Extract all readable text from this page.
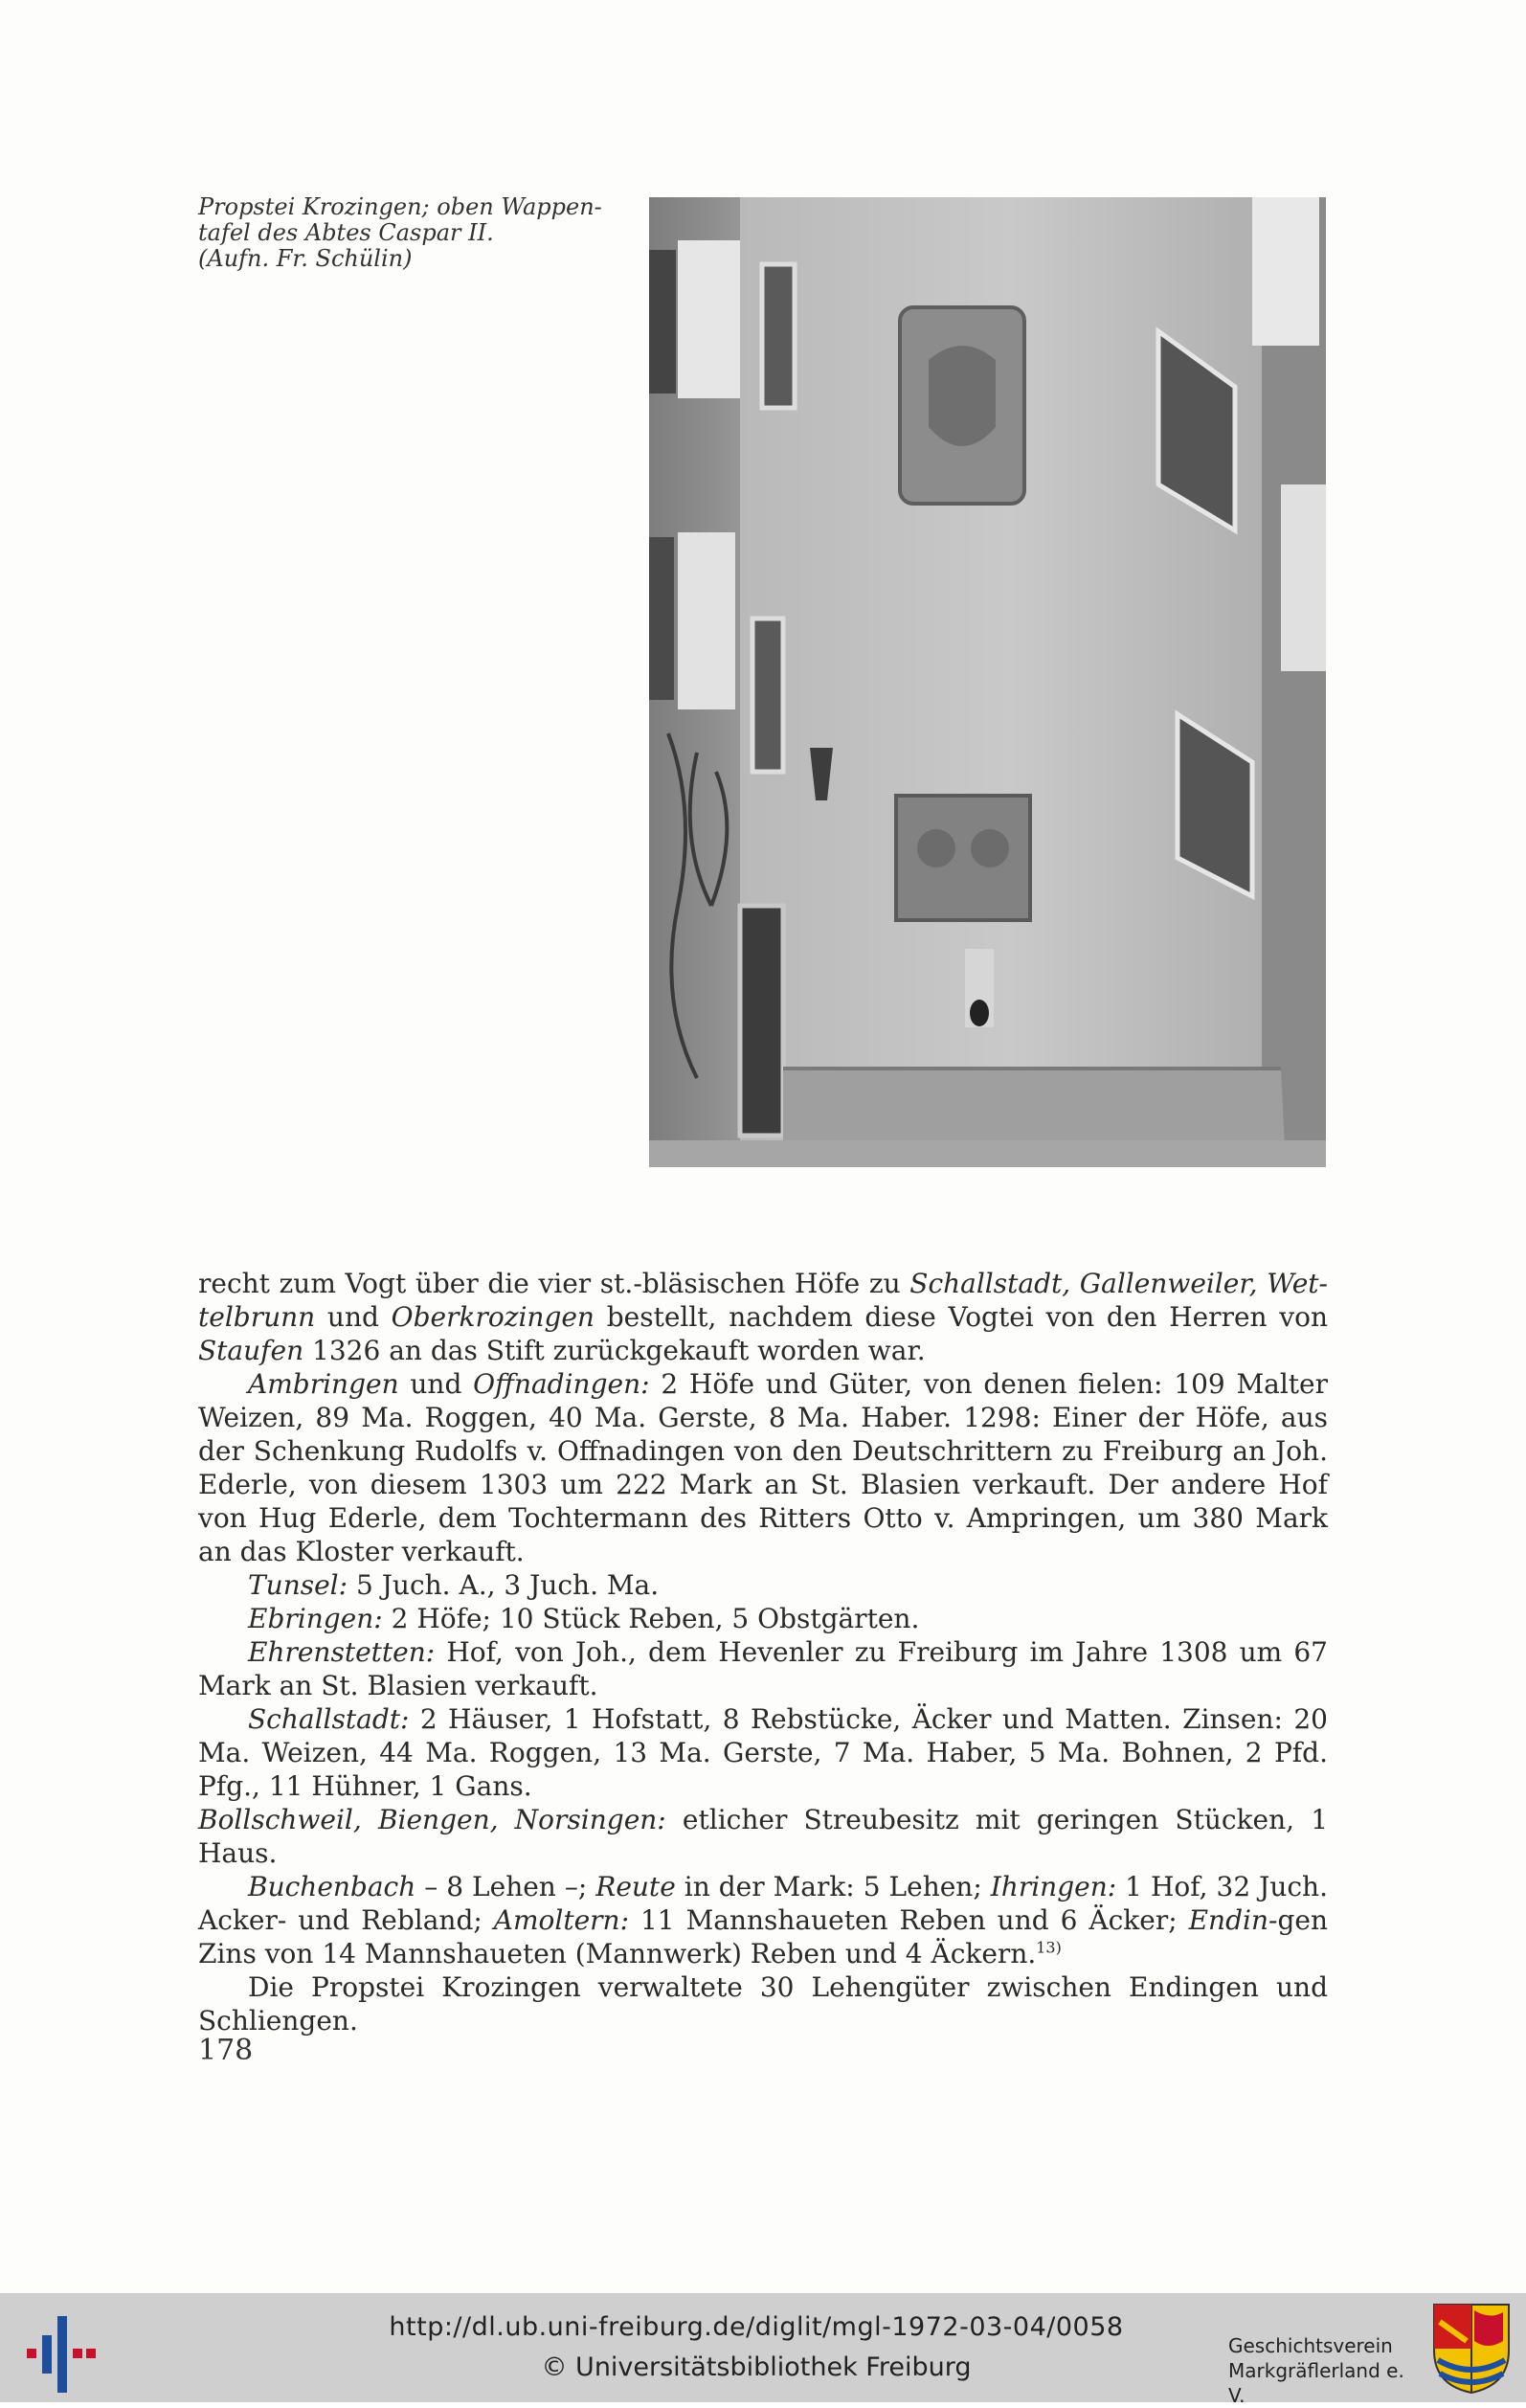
Propstei Krozingen; oben Wappen-
tafel des Abtes Caspar II.
(Aufn. Fr. Schülin)

recht zum Vogt über die vier st.-bläsischen Höfe zu Schallstadt, Gallenweiler, Wet-telbrunn und Oberkrozingen bestellt, nachdem diese Vogtei von den Herren von Staufen 1326 an das Stift zurückgekauft worden war.

Ambringen und Offnadingen: 2 Höfe und Güter, von denen fielen: 109 Malter Weizen, 89 Ma. Roggen, 40 Ma. Gerste, 8 Ma. Haber. 1298: Einer der Höfe, aus der Schenkung Rudolfs v. Offnadingen von den Deutschrittern zu Freiburg an Joh. Ederle, von diesem 1303 um 222 Mark an St. Blasien verkauft. Der andere Hof von Hug Ederle, dem Tochtermann des Ritters Otto v. Ampringen, um 380 Mark an das Kloster verkauft.

Tunsel: 5 Juch. A., 3 Juch. Ma.

Ebringen: 2 Höfe; 10 Stück Reben, 5 Obstgärten.

Ehrenstetten: Hof, von Joh., dem Hevenler zu Freiburg im Jahre 1308 um 67 Mark an St. Blasien verkauft.

Schallstadt: 2 Häuser, 1 Hofstatt, 8 Rebstücke, Äcker und Matten. Zinsen: 20 Ma. Weizen, 44 Ma. Roggen, 13 Ma. Gerste, 7 Ma. Haber, 5 Ma. Bohnen, 2 Pfd. Pfg., 11 Hühner, 1 Gans.

Bollschweil, Biengen, Norsingen: etlicher Streubesitz mit geringen Stücken, 1 Haus.

Buchenbach – 8 Lehen –; Reute in der Mark: 5 Lehen; Ihringen: 1 Hof, 32 Juch. Acker- und Rebland; Amoltern: 11 Mannshaueten Reben und 6 Äcker; Endin-gen Zins von 14 Mannshaueten (Mannwerk) Reben und 4 Äckern.$^{13)}$

Die Propstei Krozingen verwaltete 30 Lehengüter zwischen Endingen und Schliengen.

178
http://dl.ub.uni-freiburg.de/diglit/mgl-1972-03-04/0058
© Universitätsbibliothek Freiburg
Geschichtsverein
Markgräflerland e. V.
